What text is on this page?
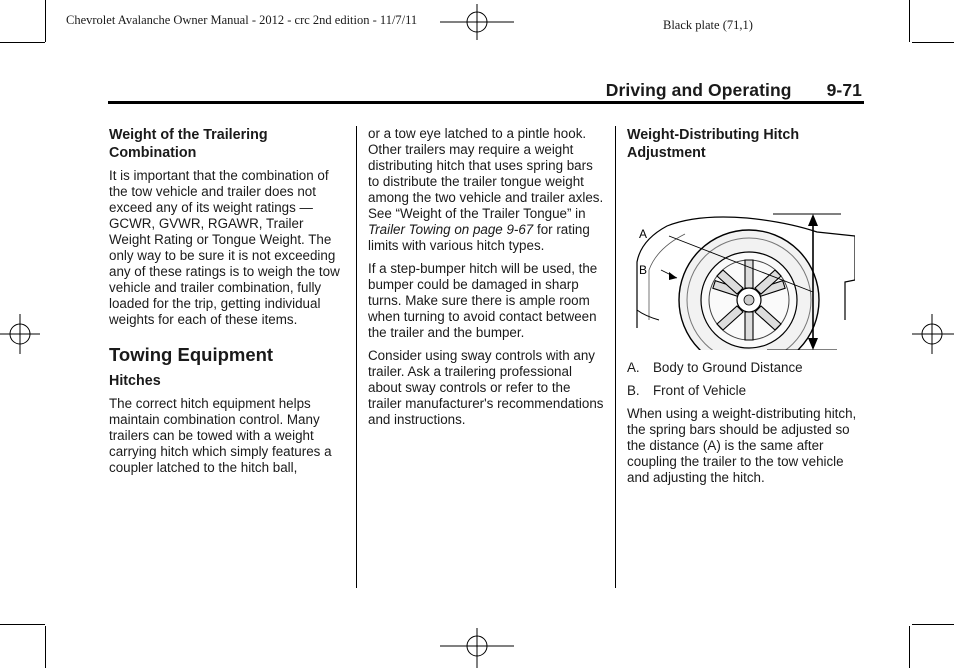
Chevrolet Avalanche Owner Manual - 2012 - crc 2nd edition - 11/7/11	Black plate (71,1)
Driving and Operating 9-71
Weight of the Trailering Combination

It is important that the combination of the tow vehicle and trailer does not exceed any of its weight ratings — GCWR, GVWR, RGAWR, Trailer Weight Rating or Tongue Weight. The only way to be sure it is not exceeding any of these ratings is to weigh the tow vehicle and trailer combination, fully loaded for the trip, getting individual weights for each of these items.

Towing Equipment
Hitches

The correct hitch equipment helps maintain combination control. Many trailers can be towed with a weight carrying hitch which simply features a coupler latched to the hitch ball,

or a tow eye latched to a pintle hook. Other trailers may require a weight distributing hitch that uses spring bars to distribute the trailer tongue weight among the two vehicle and trailer axles. See “Weight of the Trailer Tongue” in Trailer Towing on page 9-67 for rating limits with various hitch types.

If a step-bumper hitch will be used, the bumper could be damaged in sharp turns. Make sure there is ample room when turning to avoid contact between the trailer and the bumper.

Consider using sway controls with any trailer. Ask a trailering professional about sway controls or refer to the trailer manufacturer's recommendations and instructions.

Weight-Distributing Hitch Adjustment
A
B

A. Body to Ground Distance

B. Front of Vehicle

When using a weight-distributing hitch, the spring bars should be adjusted so the distance (A) is the same after coupling the trailer to the tow vehicle and adjusting the hitch.
